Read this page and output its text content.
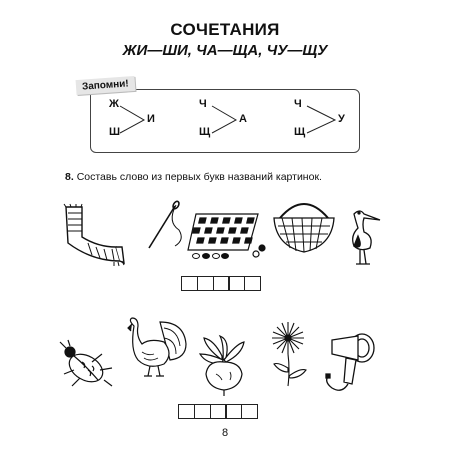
СОЧЕТАНИЯ
ЖИ—ШИ, ЧА—ЩА, ЧУ—ЩУ
Запомни!
Ж
Ш
И
Ч
Щ
А
Ч
Щ
У
8. Составь слово из первых букв названий картинок.
8
